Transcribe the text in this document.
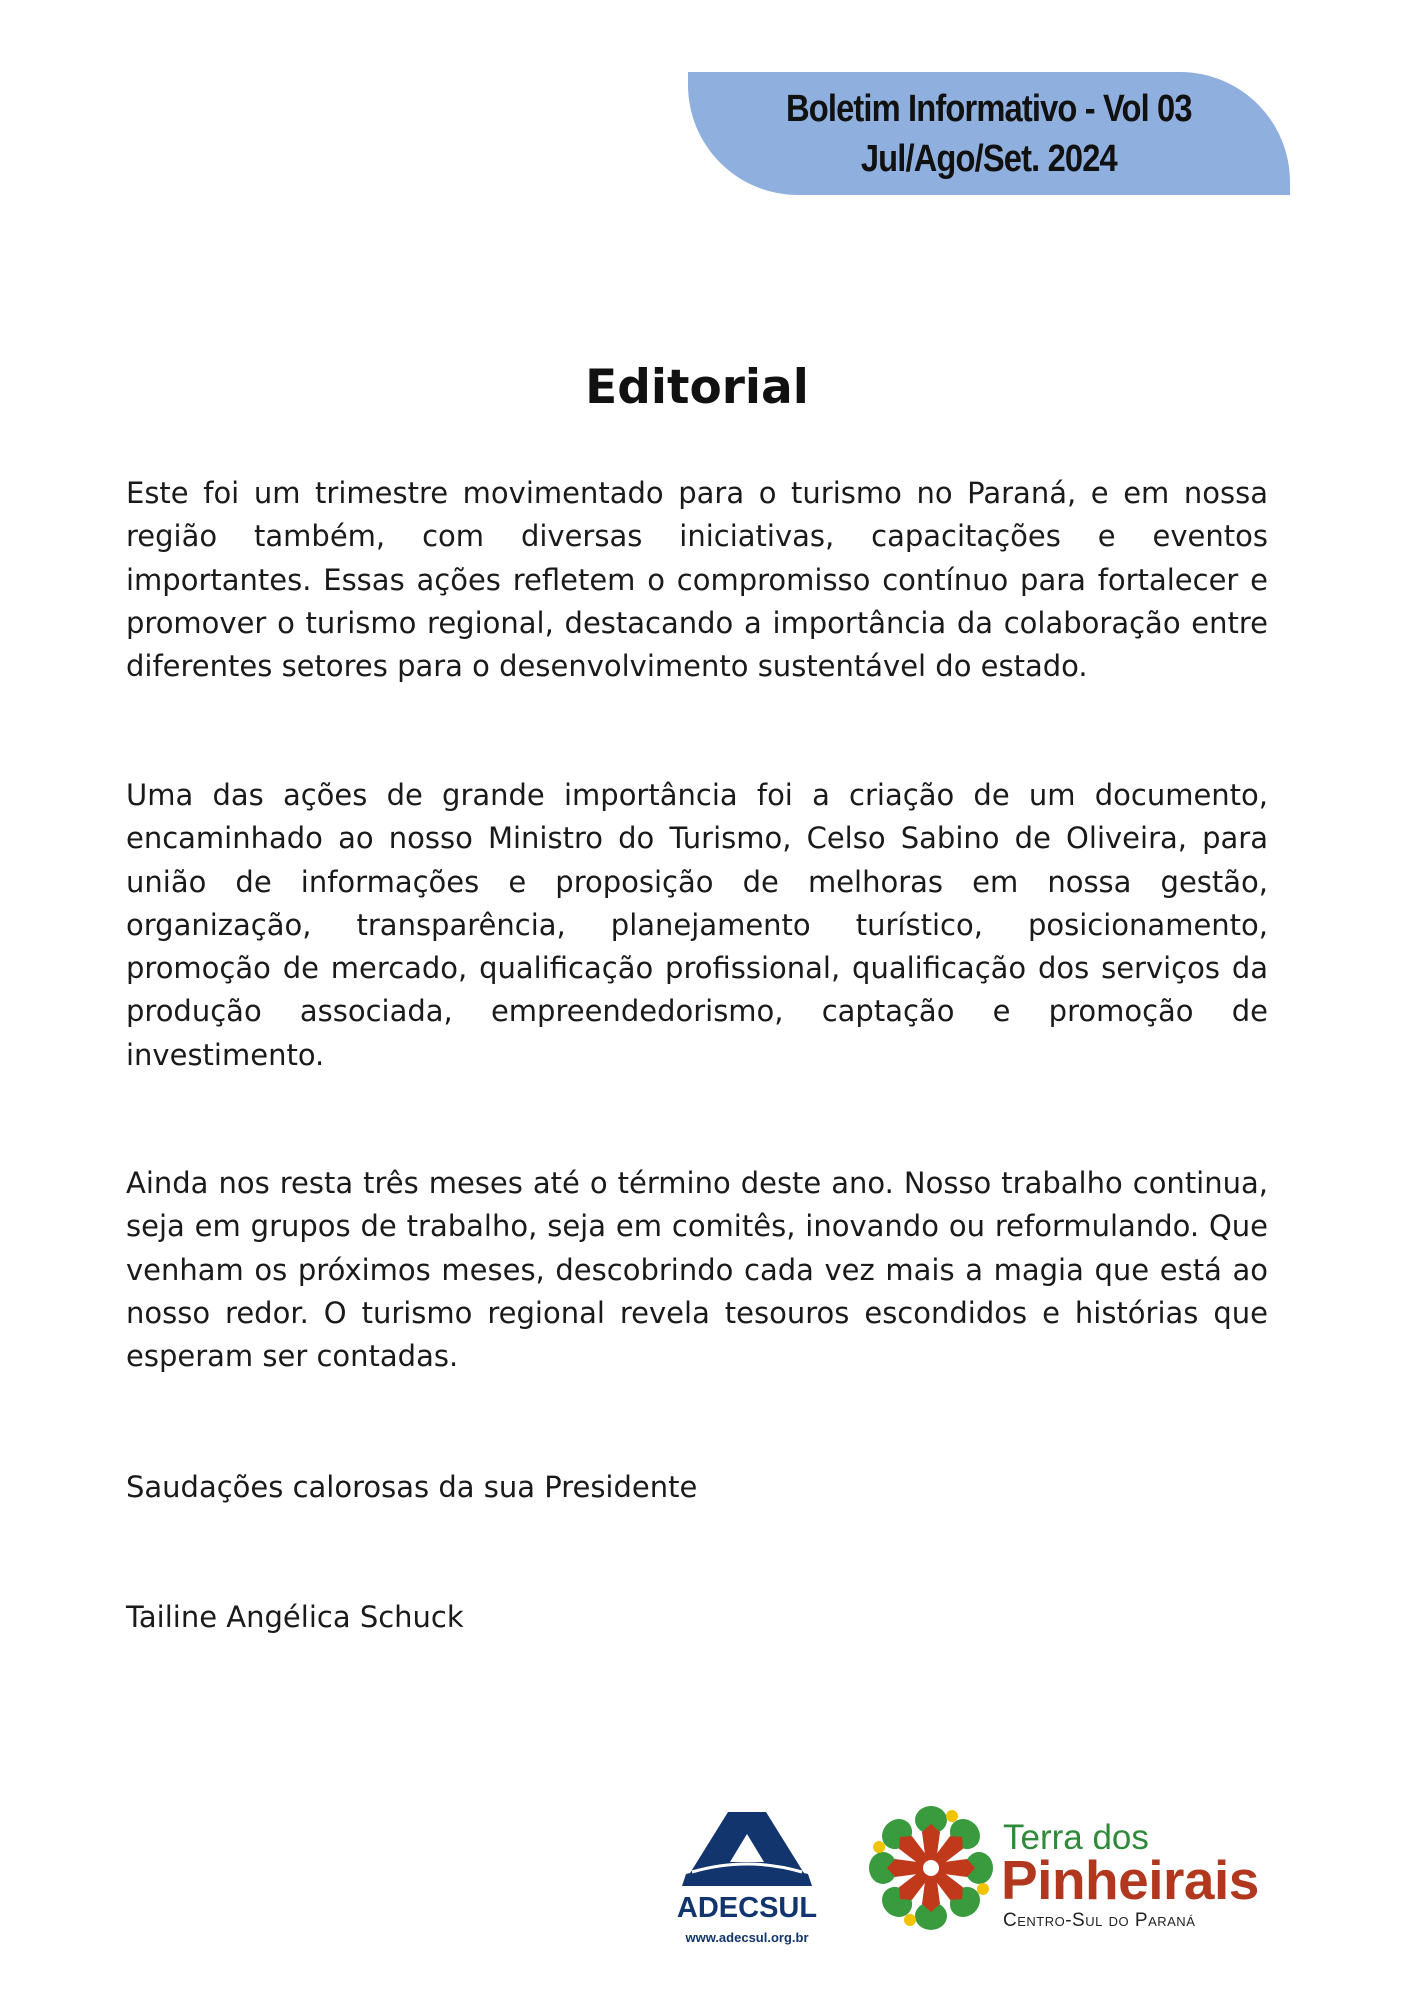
Boletim Informativo - Vol 03
Jul/Ago/Set. 2024
Editorial

Este foi um trimestre movimentado para o turismo no Paraná, e em nossa região também, com diversas iniciativas, capacitações e eventos importantes. Essas ações refletem o compromisso contínuo para fortalecer e promover o turismo regional, destacando a importância da colaboração entre diferentes setores para o desenvolvimento sustentável do estado.

Uma das ações de grande importância foi a criação de um documento, encaminhado ao nosso Ministro do Turismo, Celso Sabino de Oliveira, para união de informações e proposição de melhoras em nossa gestão, organização, transparência, planejamento turístico, posicionamento, promoção de mercado, qualificação profissional, qualificação dos serviços da produção associada, empreendedorismo, captação e promoção de investimento.

Ainda nos resta três meses até o término deste ano. Nosso trabalho continua, seja em grupos de trabalho, seja em comitês, inovando ou reformulando. Que venham os próximos meses, descobrindo cada vez mais a magia que está ao nosso redor. O turismo regional revela tesouros escondidos e histórias que esperam ser contadas.

Saudações calorosas da sua Presidente

Tailine Angélica Schuck

ADECSUL
www.adecsul.org.br
Terra dos
Pinheirais
Centro-Sul do Paraná
